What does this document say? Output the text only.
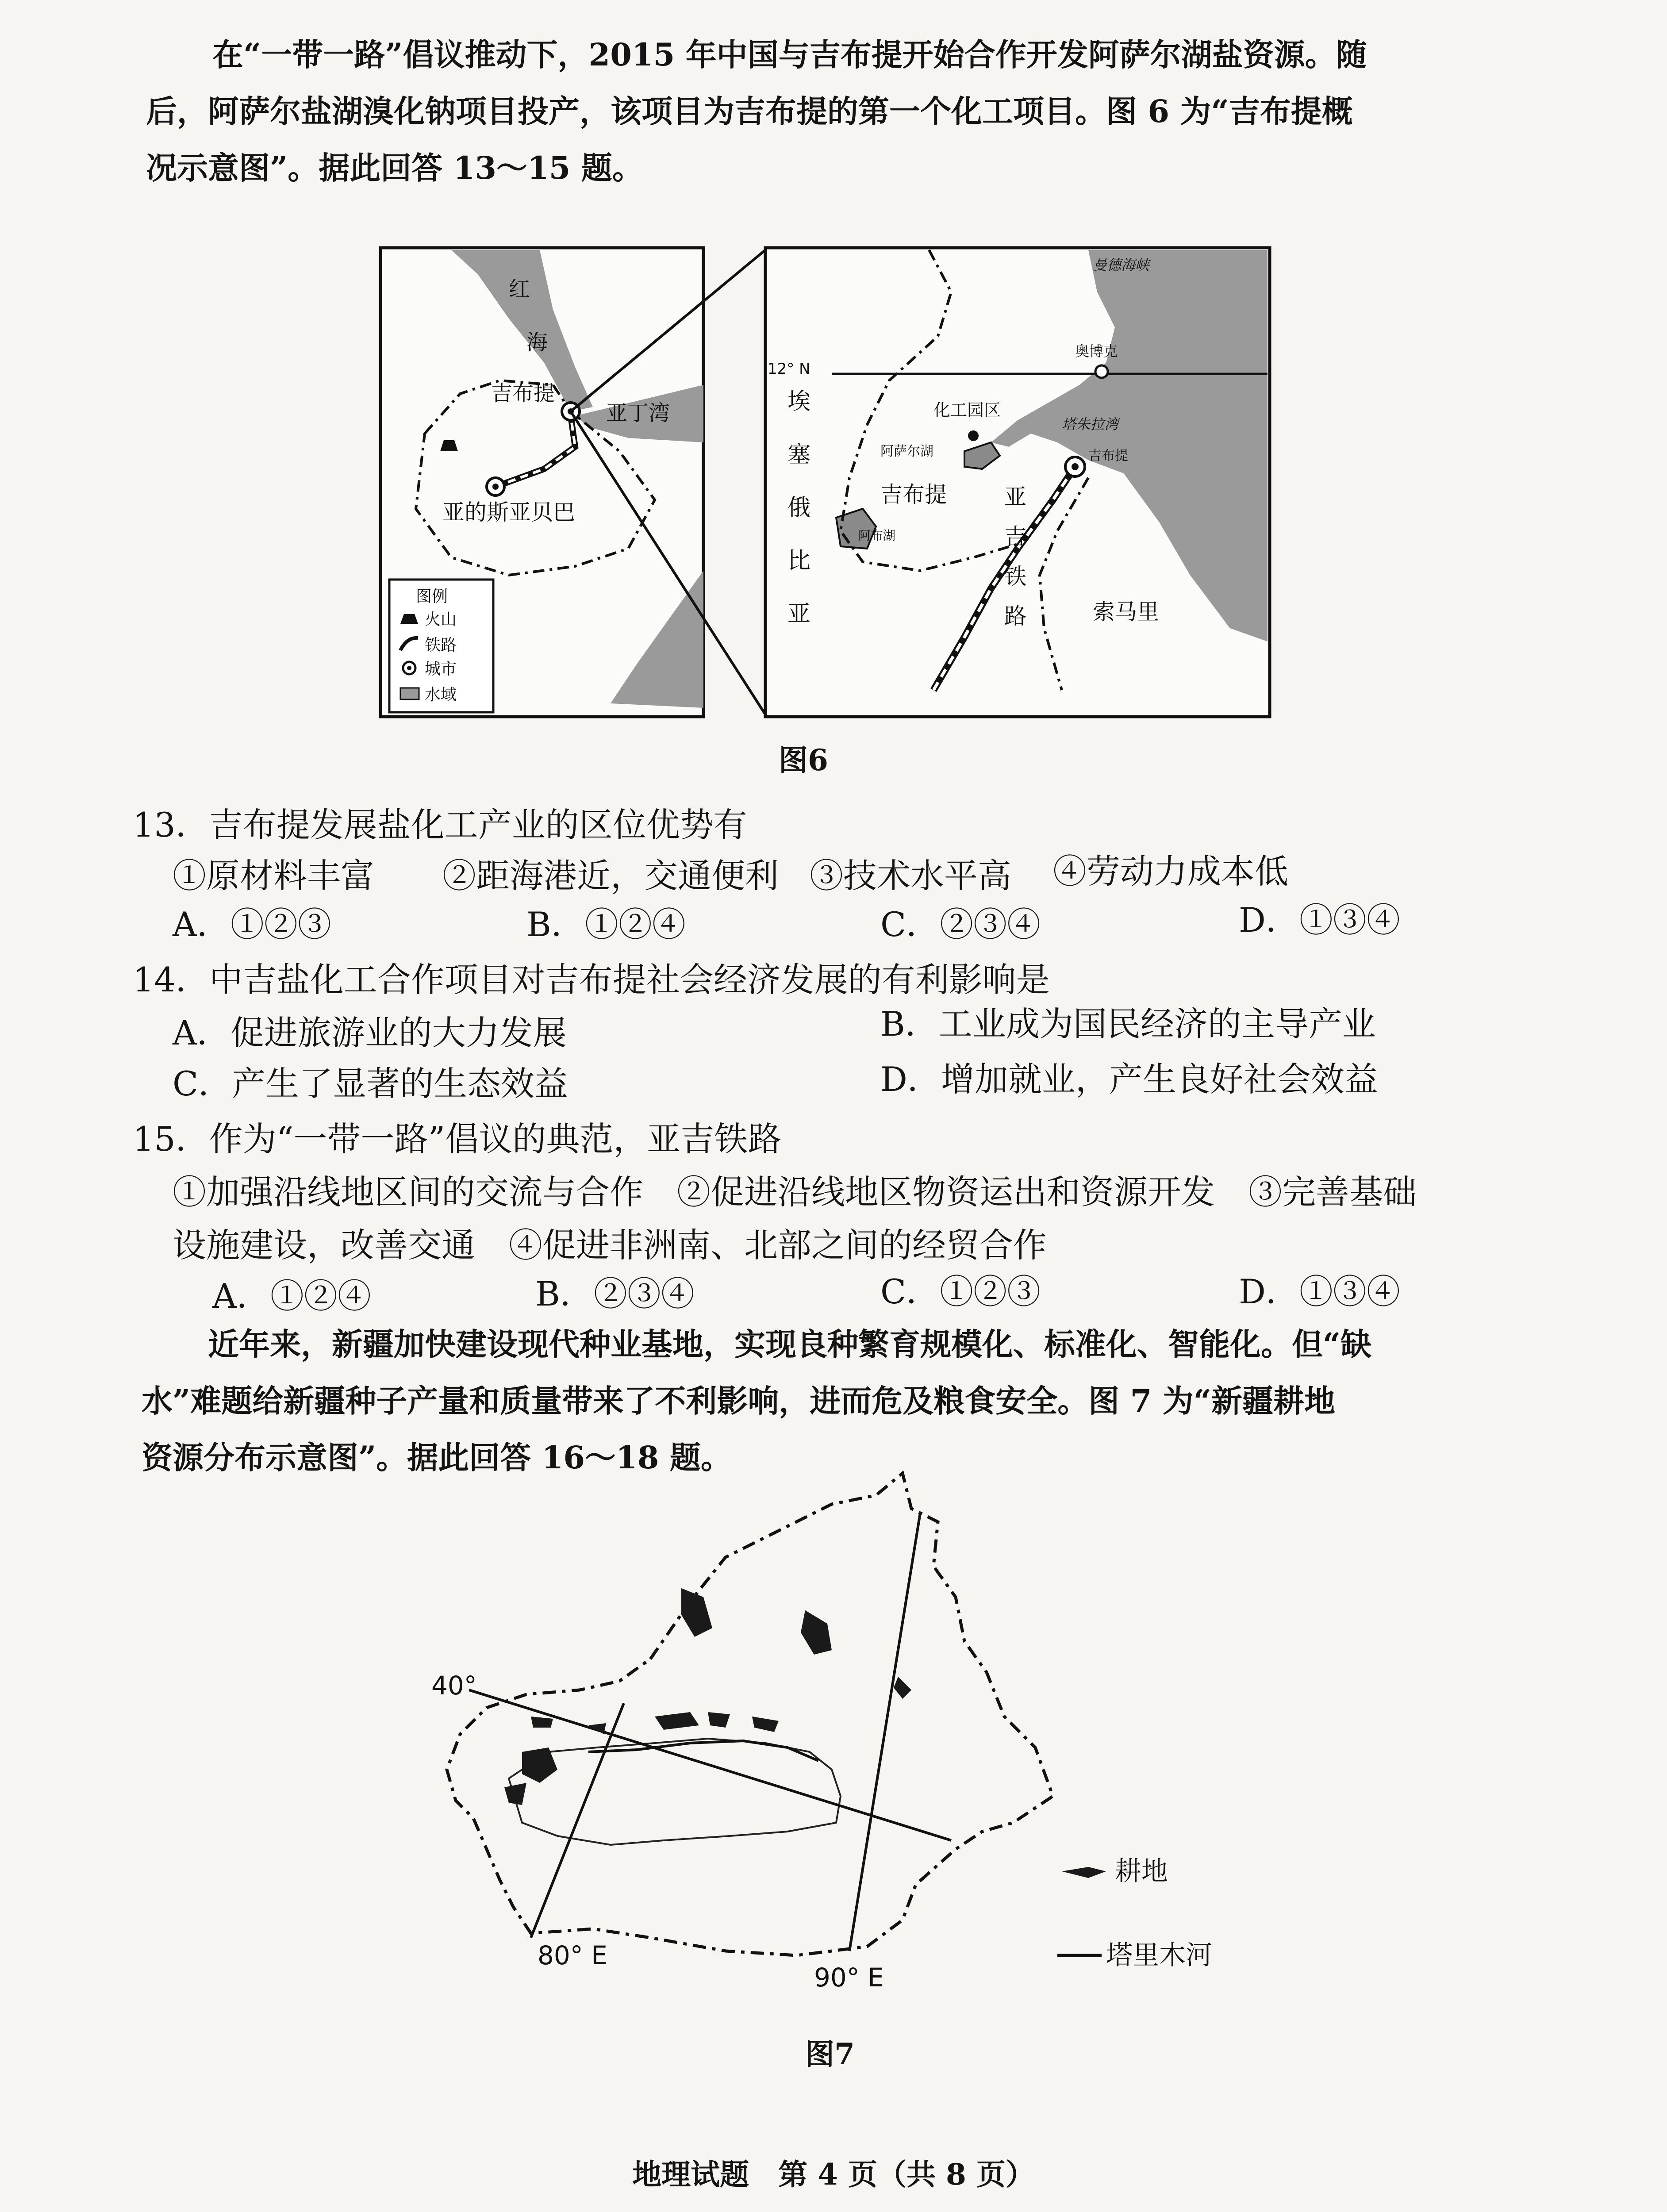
在“一带一路”倡议推动下，2015 年中国与吉布提开始合作开发阿萨尔湖盐资源。随
后，阿萨尔盐湖溴化钠项目投产，该项目为吉布提的第一个化工项目。图 6 为“吉布提概
况示意图”。据此回答 13～15 题。
红
海
吉布提
亚丁湾
亚的斯亚贝巴
图例
火山
铁路
城市
水域
12° N
曼德海峡
奥博克
化工园区
塔朱拉湾
阿萨尔湖	吉布提
阿布湖
索马里
吉布提
埃
塞
俄
比
亚
亚
吉
铁
路
图6
13．吉布提发展盐化工产业的区位优势有
①原材料丰富 ②距海港近，交通便利 ③技术水平高 ④劳动力成本低
A．①②③	B．①②④	C．②③④	D．①③④
14．中吉盐化工合作项目对吉布提社会经济发展的有利影响是
A．促进旅游业的大力发展	B．工业成为国民经济的主导产业
C．产生了显著的生态效益	D．增加就业，产生良好社会效益
15．作为“一带一路”倡议的典范，亚吉铁路
①加强沿线地区间的交流与合作　②促进沿线地区物资运出和资源开发　③完善基础
设施建设，改善交通　④促进非洲南、北部之间的经贸合作
A．①②④	B．②③④	C．①②③	D．①③④
近年来，新疆加快建设现代种业基地，实现良种繁育规模化、标准化、智能化。但“缺
水”难题给新疆种子产量和质量带来了不利影响，进而危及粮食安全。图 7 为“新疆耕地
资源分布示意图”。据此回答 16～18 题。
耕地
塔里木河
40°
80° E
90° E
图7
地理试题　第 4 页（共 8 页）
